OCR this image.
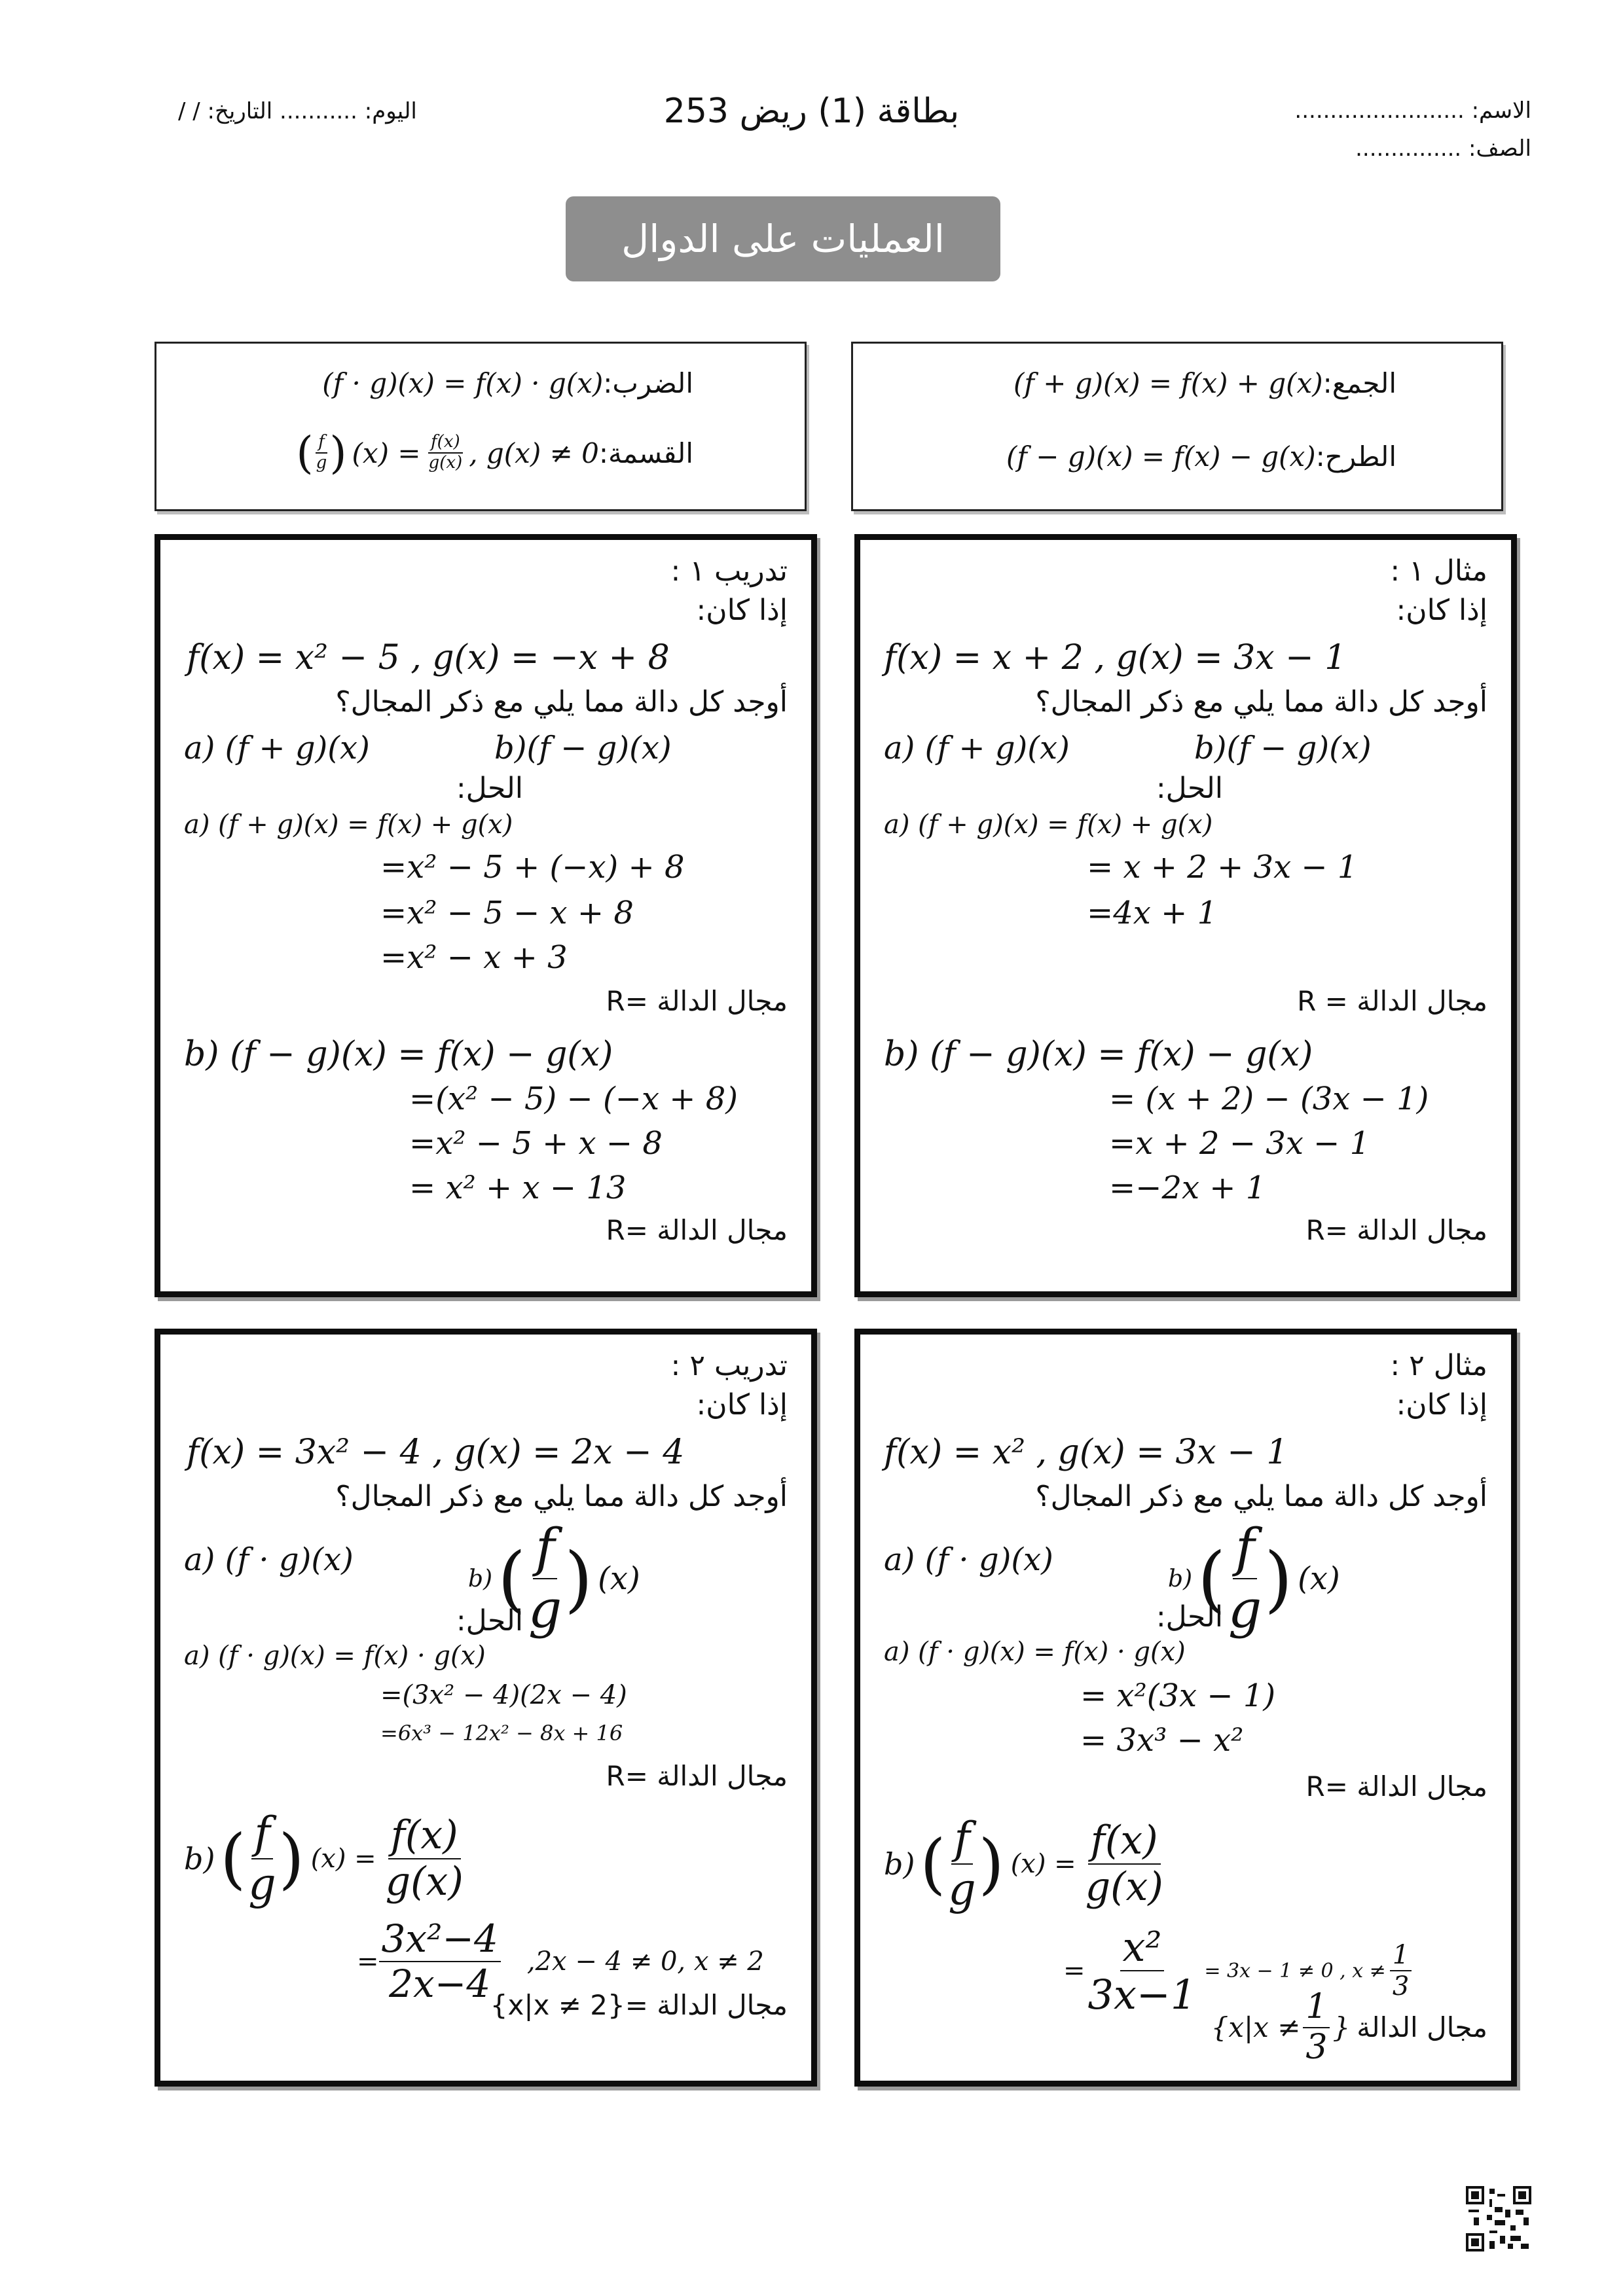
الاسم: ........................
الصف: ...............
بطاقة (1) ريض 253
اليوم: ........... التاريخ: / /
العمليات على الدوال
(f + g)(x) = f(x) + g(x)الجمع:
(f − g)(x) = f(x) − g(x)الطرح:
(f · g)(x) = f(x) · g(x)الضرب:
( $\frac{f}{g}$ ) $(x) = \frac{f(x)}{g(x)}$ , g(x) ≠ 0 القسمة:
مثال ١ :
إذا كان:
f(x) = x + 2 , g(x) = 3x − 1
أوجد كل دالة مما يلي مع ذكر المجال؟
a) (f + g)(x)	b)(f − g)(x)
الحل:
a) (f + g)(x) = f(x) + g(x)
= x + 2 + 3x − 1
=4x + 1
مجال الدالة = R
b) (f − g)(x) = f(x) − g(x)
= (x + 2) − (3x − 1)
=x + 2 − 3x − 1
=−2x + 1
مجال الدالة =R
تدريب ١ :
إذا كان:
f(x) = x² − 5 , g(x) = −x + 8
أوجد كل دالة مما يلي مع ذكر المجال؟
a) (f + g)(x)	b)(f − g)(x)
الحل:
a) (f + g)(x) = f(x) + g(x)
=x² − 5 + (−x) + 8
=x² − 5 − x + 8
=x² − x + 3
مجال الدالة =R
b) (f − g)(x) = f(x) − g(x)
=(x² − 5) − (−x + 8)
=x² − 5 + x − 8
= x² + x − 13
مجال الدالة =R
مثال ٢ :
إذا كان:
f(x) = x² , g(x) = 3x − 1
أوجد كل دالة مما يلي مع ذكر المجال؟
a) (f · g)(x)
b) ( $\frac{f}{g}$ ) (x)
الحل:
a) (f · g)(x) = f(x) · g(x)
= x²(3x − 1)
= 3x³ − x²
مجال الدالة =R
b) ( $\frac{f}{g}$ ) $(x) = \frac{f(x)}{g(x)}$
= $\frac{\text{x²}}{3x-1} = 3x - 1 \ne 0$ , $x \ne \frac{1}{3}$
{$x|x \ne \frac{1}{3}$ } مجال الدالة
تدريب ٢ :
إذا كان:
f(x) = 3x² − 4 , g(x) = 2x − 4
أوجد كل دالة مما يلي مع ذكر المجال؟
a) (f · g)(x)
b) ( $\frac{f}{g}$ ) (x)
الحل:
a) (f · g)(x) = f(x) · g(x)
=(3x² − 4)(2x − 4)
=6x³ − 12x² − 8x + 16
مجال الدالة =R
b) ( $\frac{f}{g}$ ) $(x) = \frac{f(x)}{g(x)}$
= $\frac{\text{3x²−4}}{2x-4} ,2x - 4 \ne 0$, x ≠ 2
مجال الدالة ={x|x ≠ 2}
